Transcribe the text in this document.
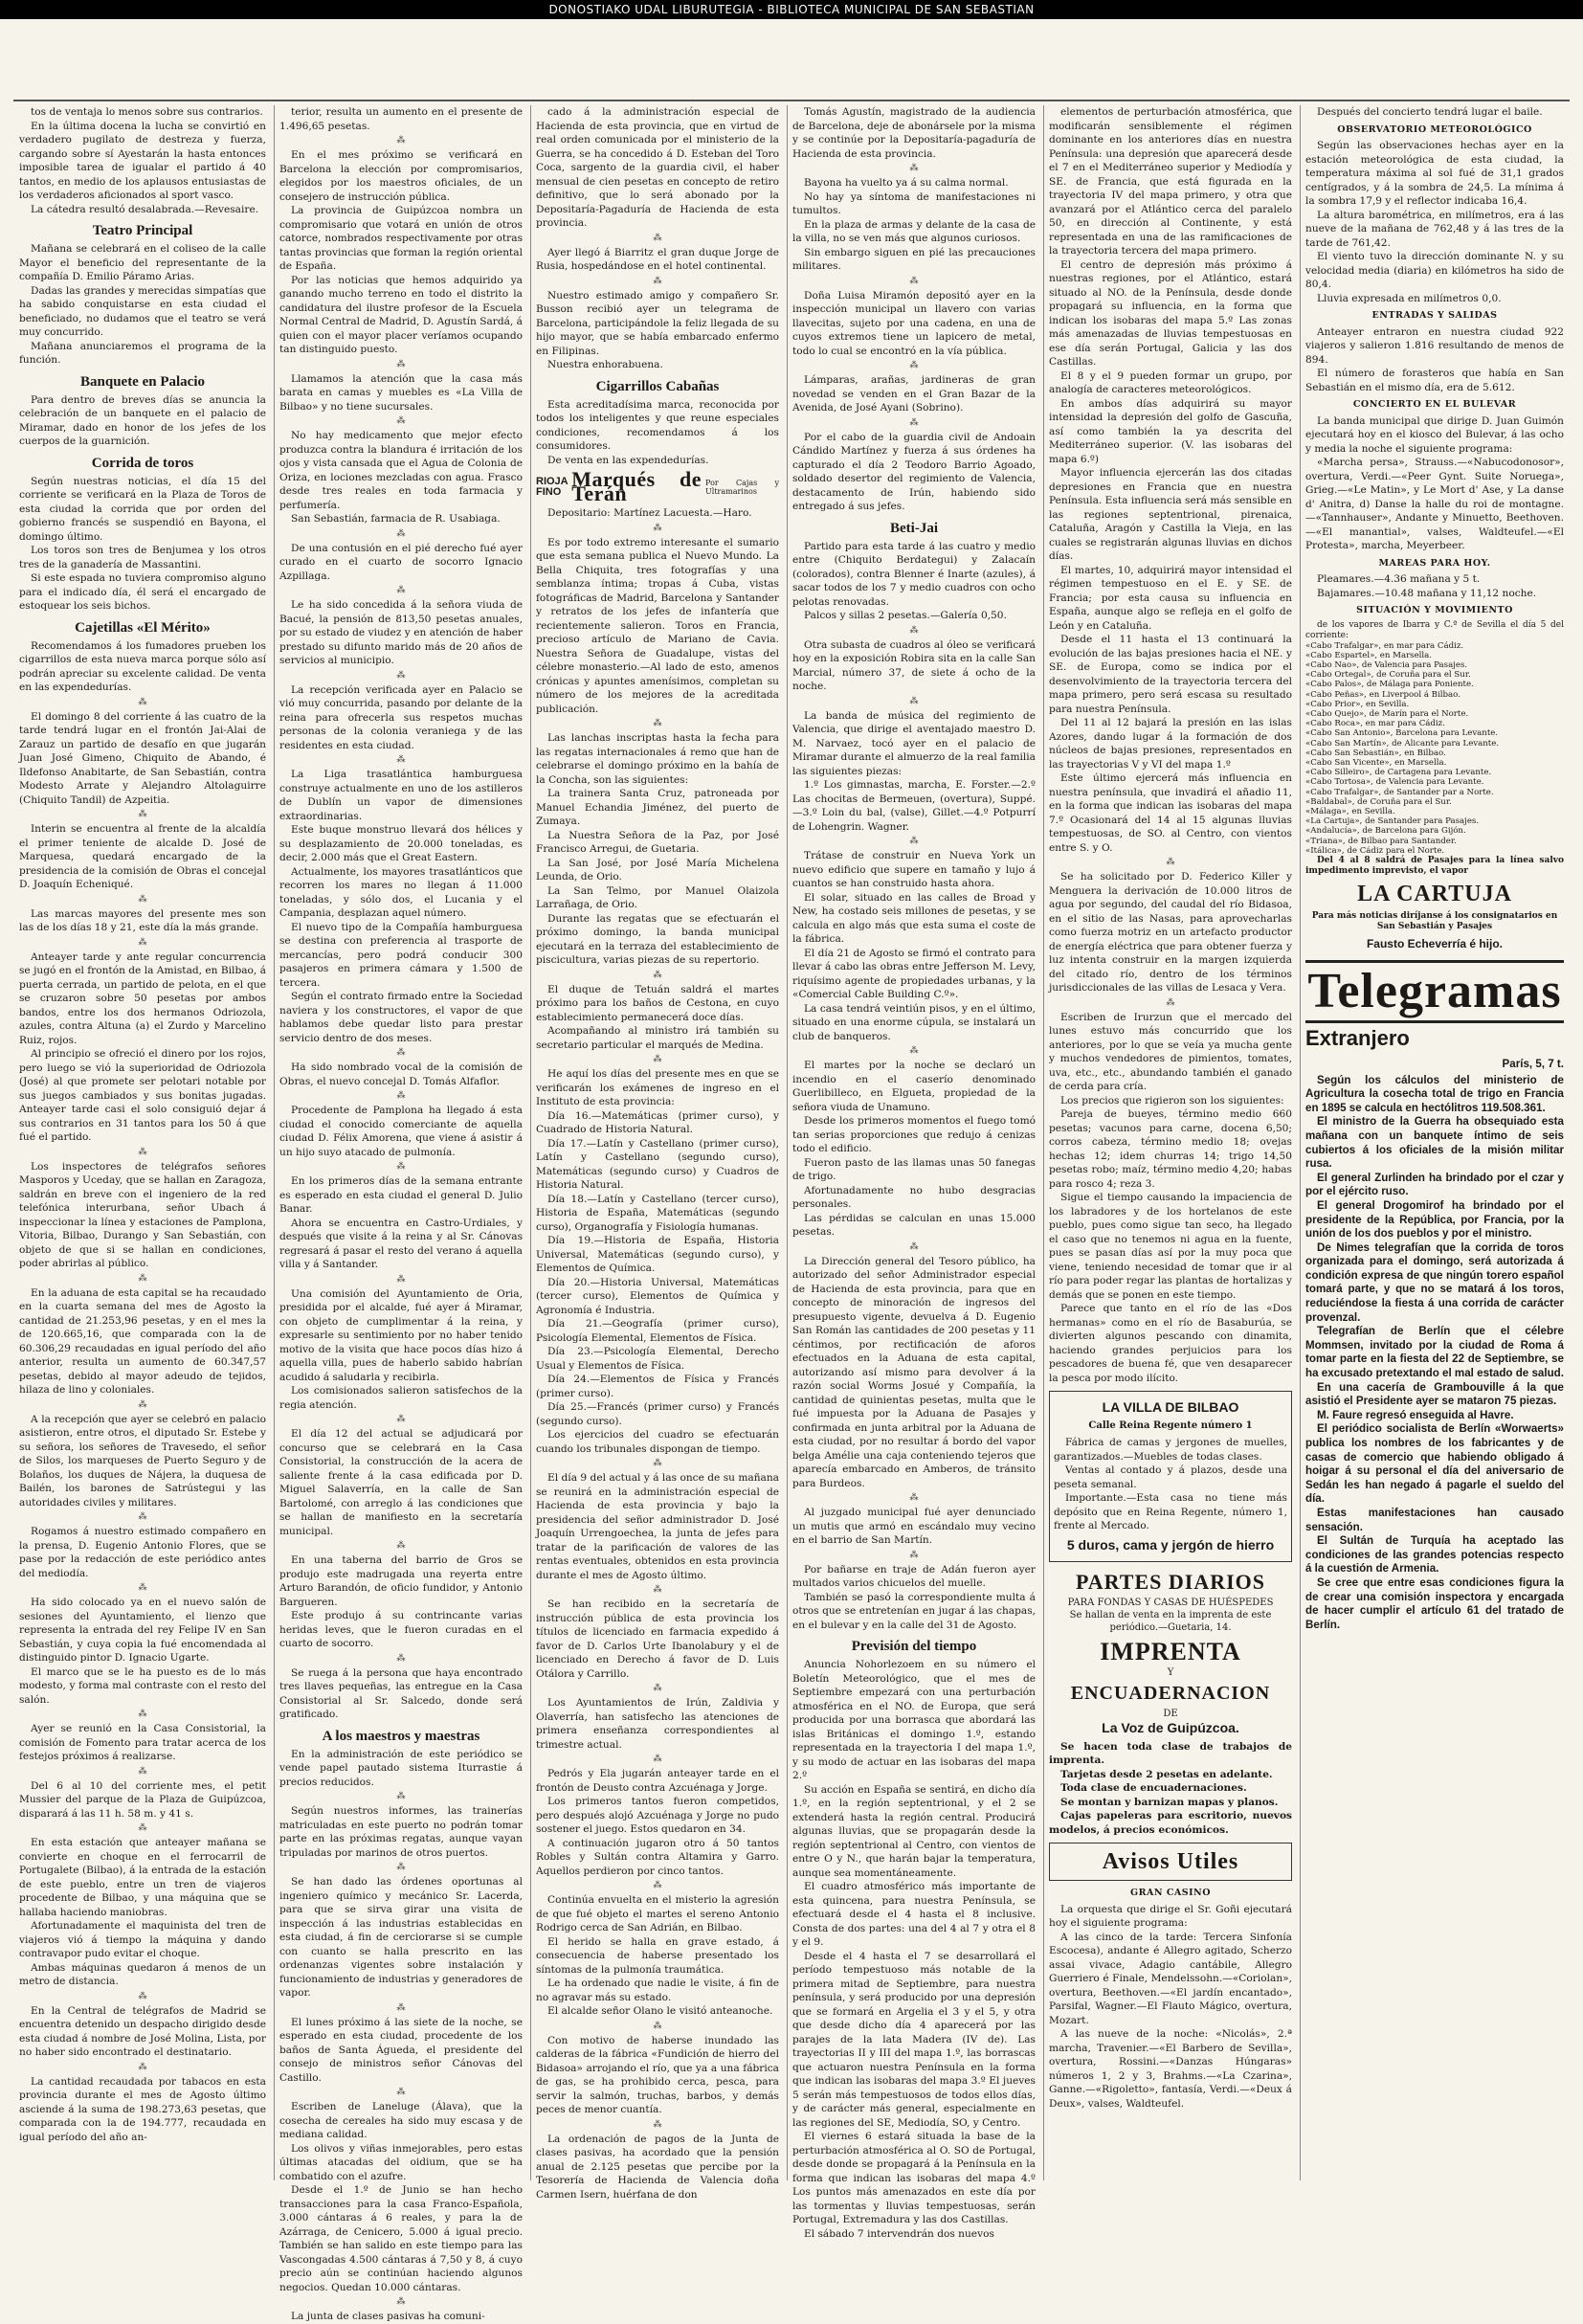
DONOSTIAKO UDAL LIBURUTEGIA - BIBLIOTECA MUNICIPAL DE SAN SEBASTIAN

tos de ventaja lo menos sobre sus contrarios.

En la última docena la lucha se convirtió en verdadero pugilato de destreza y fuerza, cargando sobre sí Ayestarán la hasta entonces imposible tarea de igualar el partido á 40 tantos, en medio de los aplausos entusiastas de los verdaderos aficionados al sport vasco.

La cátedra resultó desalabrada.—Revesaire.

Teatro Principal

Mañana se celebrará en el coliseo de la calle Mayor el beneficio del representante de la compañía D. Emilio Páramo Arias.

Dadas las grandes y merecidas simpatías que ha sabido conquistarse en esta ciudad el beneficiado, no dudamos que el teatro se verá muy concurrido.

Mañana anunciaremos el programa de la función.

Banquete en Palacio

Para dentro de breves días se anuncia la celebración de un banquete en el palacio de Miramar, dado en honor de los jefes de los cuerpos de la guarnición.

Corrida de toros

Según nuestras noticias, el día 15 del corriente se verificará en la Plaza de Toros de esta ciudad la corrida que por orden del gobierno francés se suspendió en Bayona, el domingo último.

Los toros son tres de Benjumea y los otros tres de la ganadería de Massantini.

Si este espada no tuviera compromiso alguno para el indicado día, él será el encargado de estoquear los seis bichos.

Cajetillas «El Mérito»

Recomendamos á los fumadores prueben los cigarrillos de esta nueva marca porque sólo así podrán apreciar su excelente calidad. De venta en las expendedurías.

⁂

El domingo 8 del corriente á las cuatro de la tarde tendrá lugar en el frontón Jai-Alai de Zarauz un partido de desafío en que jugarán Juan José Gimeno, Chiquito de Abando, é Ildefonso Anabitarte, de San Sebastián, contra Modesto Arrate y Alejandro Altolaguirre (Chiquito Tandil) de Azpeitia.

⁂

Interin se encuentra al frente de la alcaldía el primer teniente de alcalde D. José de Marquesa, quedará encargado de la presidencia de la comisión de Obras el concejal D. Joaquín Echeniqué.

⁂

Las marcas mayores del presente mes son las de los días 18 y 21, este día la más grande.

⁂

Anteayer tarde y ante regular concurrencia se jugó en el frontón de la Amistad, en Bilbao, á puerta cerrada, un partido de pelota, en el que se cruzaron sobre 50 pesetas por ambos bandos, entre los dos hermanos Odriozola, azules, contra Altuna (a) el Zurdo y Marcelino Ruiz, rojos.

Al principio se ofreció el dinero por los rojos, pero luego se vió la superioridad de Odriozola (José) al que promete ser pelotari notable por sus juegos cambiados y sus bonitas jugadas. Anteayer tarde casi el solo consiguió dejar á sus contrarios en 31 tantos para los 50 á que fué el partido.

⁂

Los inspectores de telégrafos señores Masporos y Uceday, que se hallan en Zaragoza, saldrán en breve con el ingeniero de la red telefónica interurbana, señor Ubach á inspeccionar la línea y estaciones de Pamplona, Vitoria, Bilbao, Durango y San Sebastián, con objeto de que si se hallan en condiciones, poder abrirlas al público.

⁂

En la aduana de esta capital se ha recaudado en la cuarta semana del mes de Agosto la cantidad de 21.253,96 pesetas, y en el mes la de 120.665,16, que comparada con la de 60.306,29 recaudadas en igual período del año anterior, resulta un aumento de 60.347,57 pesetas, debido al mayor adeudo de tejidos, hilaza de lino y coloniales.

⁂

A la recepción que ayer se celebró en palacio asistieron, entre otros, el diputado Sr. Estebe y su señora, los señores de Travesedo, el señor de Silos, los marqueses de Puerto Seguro y de Bolaños, los duques de Nájera, la duquesa de Bailén, los barones de Satrústegui y las autoridades civiles y militares.

⁂

Rogamos á nuestro estimado compañero en la prensa, D. Eugenio Antonio Flores, que se pase por la redacción de este periódico antes del mediodía.

⁂

Ha sido colocado ya en el nuevo salón de sesiones del Ayuntamiento, el lienzo que representa la entrada del rey Felipe IV en San Sebastián, y cuya copia la fué encomendada al distinguido pintor D. Ignacio Ugarte.

El marco que se le ha puesto es de lo más modesto, y forma mal contraste con el resto del salón.

⁂

Ayer se reunió en la Casa Consistorial, la comisión de Fomento para tratar acerca de los festejos próximos á realizarse.

⁂

Del 6 al 10 del corriente mes, el petit Mussier del parque de la Plaza de Guipúzcoa, disparará á las 11 h. 58 m. y 41 s.

⁂

En esta estación que anteayer mañana se convierte en choque en el ferrocarril de Portugalete (Bilbao), á la entrada de la estación de este pueblo, entre un tren de viajeros procedente de Bilbao, y una máquina que se hallaba haciendo maniobras.

Afortunadamente el maquinista del tren de viajeros vió á tiempo la máquina y dando contravapor pudo evitar el choque.

Ambas máquinas quedaron á menos de un metro de distancia.

⁂

En la Central de telégrafos de Madrid se encuentra detenido un despacho dirigido desde esta ciudad á nombre de José Molina, Lista, por no haber sido encontrado el destinatario.

⁂

La cantidad recaudada por tabacos en esta provincia durante el mes de Agosto último asciende á la suma de 198.273,63 pesetas, que comparada con la de 194.777, recaudada en igual período del año an-

terior, resulta un aumento en el presente de 1.496,65 pesetas.

⁂

En el mes próximo se verificará en Barcelona la elección por compromisarios, elegidos por los maestros oficiales, de un consejero de instrucción pública.

La provincia de Guipúzcoa nombra un compromisario que votará en unión de otros catorce, nombrados respectivamente por otras tantas provincias que forman la región oriental de España.

Por las noticias que hemos adquirido ya ganando mucho terreno en todo el distrito la candidatura del ilustre profesor de la Escuela Normal Central de Madrid, D. Agustín Sardá, á quien con el mayor placer veríamos ocupando tan distinguido puesto.

⁂

Llamamos la atención que la casa más barata en camas y muebles es «La Villa de Bilbao» y no tiene sucursales.

⁂

No hay medicamento que mejor efecto produzca contra la blandura é irritación de los ojos y vista cansada que el Agua de Colonia de Oriza, en lociones mezcladas con agua. Frasco desde tres reales en toda farmacia y perfumería.

San Sebastián, farmacia de R. Usabiaga.

⁂

De una contusión en el pié derecho fué ayer curado en el cuarto de socorro Ignacio Azpillaga.

⁂

Le ha sido concedida á la señora viuda de Bacué, la pensión de 813,50 pesetas anuales, por su estado de viudez y en atención de haber prestado su difunto marido más de 20 años de servicios al municipio.

⁂

La recepción verificada ayer en Palacio se vió muy concurrida, pasando por delante de la reina para ofrecerla sus respetos muchas personas de la colonia veraniega y de las residentes en esta ciudad.

⁂

La Liga trasatlántica hamburguesa construye actualmente en uno de los astilleros de Dublín un vapor de dimensiones extraordinarias.

Este buque monstruo llevará dos hélices y su desplazamiento de 20.000 toneladas, es decir, 2.000 más que el Great Eastern.

Actualmente, los mayores trasatlánticos que recorren los mares no llegan á 11.000 toneladas, y sólo dos, el Lucania y el Campania, desplazan aquel número.

El nuevo tipo de la Compañía hamburguesa se destina con preferencia al trasporte de mercancías, pero podrá conducir 300 pasajeros en primera cámara y 1.500 de tercera.

Según el contrato firmado entre la Sociedad naviera y los constructores, el vapor de que hablamos debe quedar listo para prestar servicio dentro de dos meses.

⁂

Ha sido nombrado vocal de la comisión de Obras, el nuevo concejal D. Tomás Alfaflor.

⁂

Procedente de Pamplona ha llegado á esta ciudad el conocido comerciante de aquella ciudad D. Félix Amorena, que viene á asistir á un hijo suyo atacado de pulmonía.

⁂

En los primeros días de la semana entrante es esperado en esta ciudad el general D. Julio Banar.

Ahora se encuentra en Castro-Urdiales, y después que visite á la reina y al Sr. Cánovas regresará á pasar el resto del verano á aquella villa y á Santander.

⁂

Una comisión del Ayuntamiento de Oria, presidida por el alcalde, fué ayer á Miramar, con objeto de cumplimentar á la reina, y expresarle su sentimiento por no haber tenido motivo de la visita que hace pocos días hizo á aquella villa, pues de haberlo sabido habrían acudido á saludarla y recibirla.

Los comisionados salieron satisfechos de la regia atención.

⁂

El día 12 del actual se adjudicará por concurso que se celebrará en la Casa Consistorial, la construcción de la acera de saliente frente á la casa edificada por D. Miguel Salaverría, en la calle de San Bartolomé, con arreglo á las condiciones que se hallan de manifiesto en la secretaría municipal.

⁂

En una taberna del barrio de Gros se produjo este madrugada una reyerta entre Arturo Barandón, de oficio fundidor, y Antonio Bargueren.

Este produjo á su contrincante varias heridas leves, que le fueron curadas en el cuarto de socorro.

⁂

Se ruega á la persona que haya encontrado tres llaves pequeñas, las entregue en la Casa Consistorial al Sr. Salcedo, donde será gratificado.

A los maestros y maestras

En la administración de este periódico se vende papel pautado sistema Iturrastie á precios reducidos.

⁂

Según nuestros informes, las trainerías matriculadas en este puerto no podrán tomar parte en las próximas regatas, aunque vayan tripuladas por marinos de otros puertos.

⁂

Se han dado las órdenes oportunas al ingeniero químico y mecánico Sr. Lacerda, para que se sirva girar una visita de inspección á las industrias establecidas en esta ciudad, á fin de cerciorarse si se cumple con cuanto se halla prescrito en las ordenanzas vigentes sobre instalación y funcionamiento de industrias y generadores de vapor.

⁂

El lunes próximo á las siete de la noche, se esperado en esta ciudad, procedente de los baños de Santa Águeda, el presidente del consejo de ministros señor Cánovas del Castillo.

⁂

Escriben de Laneluge (Álava), que la cosecha de cereales ha sido muy escasa y de mediana calidad.

Los olivos y viñas inmejorables, pero estas últimas atacadas del oidium, que se ha combatido con el azufre.

Desde el 1.º de Junio se han hecho transacciones para la casa Franco-Española, 3.000 cántaras á 6 reales, y para la de Azárraga, de Cenicero, 5.000 á igual precio. También se han salido en este tiempo para las Vascongadas 4.500 cántaras á 7,50 y 8, á cuyo precio aún se continúan haciendo algunos negocios. Quedan 10.000 cántaras.

⁂

La junta de clases pasivas ha comuni-

cado á la administración especial de Hacienda de esta provincia, que en virtud de real orden comunicada por el ministerio de la Guerra, se ha concedido á D. Esteban del Toro Coca, sargento de la guardia civil, el haber mensual de cien pesetas en concepto de retiro definitivo, que lo será abonado por la Depositaría-Pagaduría de Hacienda de esta provincia.

⁂

Ayer llegó á Biarritz el gran duque Jorge de Rusia, hospedándose en el hotel continental.

⁂

Nuestro estimado amigo y compañero Sr. Busson recibió ayer un telegrama de Barcelona, participándole la feliz llegada de su hijo mayor, que se había embarcado enfermo en Filipinas.

Nuestra enhorabuena.

Cigarrillos Cabañas

Esta acreditadísima marca, reconocida por todos los inteligentes y que reune especiales condiciones, recomendamos á los consumidores.

De venta en las expendedurías.

RIOJA FINO
Marqués de Terán	Por Cajas y Ultramarinos

Depositario: Martínez Lacuesta.—Haro.

⁂

Es por todo extremo interesante el sumario que esta semana publica el Nuevo Mundo. La Bella Chiquita, tres fotografías y una semblanza íntima; tropas á Cuba, vistas fotográficas de Madrid, Barcelona y Santander y retratos de los jefes de infantería que recientemente salieron. Toros en Francia, precioso artículo de Mariano de Cavia. Nuestra Señora de Guadalupe, vistas del célebre monasterio.—Al lado de esto, amenos crónicas y apuntes amenísimos, completan su número de los mejores de la acreditada publicación.

⁂

Las lanchas inscriptas hasta la fecha para las regatas internacionales á remo que han de celebrarse el domingo próximo en la bahía de la Concha, son las siguientes:

La trainera Santa Cruz, patroneada por Manuel Echandia Jiménez, del puerto de Zumaya.

La Nuestra Señora de la Paz, por José Francisco Arregui, de Guetaria.

La San José, por José María Michelena Leunda, de Orio.

La San Telmo, por Manuel Olaizola Larrañaga, de Orio.

Durante las regatas que se efectuarán el próximo domingo, la banda municipal ejecutará en la terraza del establecimiento de piscicultura, varias piezas de su repertorio.

⁂

El duque de Tetuán saldrá el martes próximo para los baños de Cestona, en cuyo establecimiento permanecerá doce días.

Acompañando al ministro irá también su secretario particular el marqués de Medina.

⁂

He aquí los días del presente mes en que se verificarán los exámenes de ingreso en el Instituto de esta provincia:

Día 16.—Matemáticas (primer curso), y Cuadrado de Historia Natural.

Día 17.—Latín y Castellano (primer curso), Latín y Castellano (segundo curso), Matemáticas (segundo curso) y Cuadros de Historia Natural.

Día 18.—Latín y Castellano (tercer curso), Historia de España, Matemáticas (segundo curso), Organografía y Fisiología humanas.

Día 19.—Historia de España, Historia Universal, Matemáticas (segundo curso), y Elementos de Química.

Día 20.—Historia Universal, Matemáticas (tercer curso), Elementos de Química y Agronomía é Industria.

Día 21.—Geografía (primer curso), Psicología Elemental, Elementos de Física.

Día 23.—Psicología Elemental, Derecho Usual y Elementos de Física.

Día 24.—Elementos de Física y Francés (primer curso).

Día 25.—Francés (primer curso) y Francés (segundo curso).

Los ejercicios del cuadro se efectuarán cuando los tribunales dispongan de tiempo.

⁂

El día 9 del actual y á las once de su mañana se reunirá en la administración especial de Hacienda de esta provincia y bajo la presidencia del señor administrador D. José Joaquín Urrengoechea, la junta de jefes para tratar de la parificación de valores de las rentas eventuales, obtenidos en esta provincia durante el mes de Agosto último.

⁂

Se han recibido en la secretaría de instrucción pública de esta provincia los títulos de licenciado en farmacia expedido á favor de D. Carlos Urte Ibanolabury y el de licenciado en Derecho á favor de D. Luis Otálora y Carrillo.

⁂

Los Ayuntamientos de Irún, Zaldivia y Olaverría, han satisfecho las atenciones de primera enseñanza correspondientes al trimestre actual.

⁂

Pedrós y Ela jugarán anteayer tarde en el frontón de Deusto contra Azcuénaga y Jorge.

Los primeros tantos fueron competidos, pero después alojó Azcuénaga y Jorge no pudo sostener el juego. Estos quedaron en 34.

A continuación jugaron otro á 50 tantos Robles y Sultán contra Altamira y Garro. Aquellos perdieron por cinco tantos.

⁂

Continúa envuelta en el misterio la agresión de que fué objeto el martes el sereno Antonio Rodrigo cerca de San Adrián, en Bilbao.

El herido se halla en grave estado, á consecuencia de haberse presentado los síntomas de la pulmonía traumática.

Le ha ordenado que nadie le visite, á fin de no agravar más su estado.

El alcalde señor Olano le visitó anteanoche.

⁂

Con motivo de haberse inundado las calderas de la fábrica «Fundición de hierro del Bidasoa» arrojando el río, que ya a una fábrica de gas, se ha prohibido cerca, pesca, para servir la salmón, truchas, barbos, y demás peces de menor cuantía.

⁂

La ordenación de pagos de la Junta de clases pasivas, ha acordado que la pensión anual de 2.125 pesetas que percibe por la Tesorería de Hacienda de Valencia doña Carmen Isern, huérfana de don

Tomás Agustín, magistrado de la audiencia de Barcelona, deje de abonársele por la misma y se continúe por la Depositaría-pagaduría de Hacienda de esta provincia.

⁂

Bayona ha vuelto ya á su calma normal.

No hay ya síntoma de manifestaciones ni tumultos.

En la plaza de armas y delante de la casa de la villa, no se ven más que algunos curiosos.

Sin embargo siguen en pié las precauciones militares.

⁂

Doña Luisa Miramón depositó ayer en la inspección municipal un llavero con varias llavecitas, sujeto por una cadena, en una de cuyos extremos tiene un lapicero de metal, todo lo cual se encontró en la vía pública.

⁂

Lámparas, arañas, jardineras de gran novedad se venden en el Gran Bazar de la Avenida, de José Ayani (Sobrino).

⁂

Por el cabo de la guardia civil de Andoain Cándido Martínez y fuerza á sus órdenes ha capturado el día 2 Teodoro Barrio Agoado, soldado desertor del regimiento de Valencia, destacamento de Irún, habiendo sido entregado á sus jefes.

Beti-Jai

Partido para esta tarde á las cuatro y medio entre (Chiquito Berdategui) y Zalacaín (colorados), contra Blenner é Inarte (azules), á sacar todos de los 7 y medio cuadros con ocho pelotas renovadas.

Palcos y sillas 2 pesetas.—Galería 0,50.

⁂

Otra subasta de cuadros al óleo se verificará hoy en la exposición Robira sita en la calle San Marcial, número 37, de siete á ocho de la noche.

⁂

La banda de música del regimiento de Valencia, que dirige el aventajado maestro D. M. Narvaez, tocó ayer en el palacio de Miramar durante el almuerzo de la real familia las siguientes piezas:

1.º Los gimnastas, marcha, E. Forster.—2.º Las chocitas de Bermeuen, (overtura), Suppé.—3.º Loin du bal, (valse), Gillet.—4.º Potpurrí de Lohengrin. Wagner.

⁂

Trátase de construir en Nueva York un nuevo edificio que supere en tamaño y lujo á cuantos se han construido hasta ahora.

El solar, situado en las calles de Broad y New, ha costado seis millones de pesetas, y se calcula en algo más que esta suma el coste de la fábrica.

El día 21 de Agosto se firmó el contrato para llevar á cabo las obras entre Jefferson M. Levy, riquísimo agente de propiedades urbanas, y la «Comercial Cable Building C.º».

La casa tendrá veintiún pisos, y en el último, situado en una enorme cúpula, se instalará un club de banqueros.

⁂

El martes por la noche se declaró un incendio en el caserío denominado Guerlibilleco, en Elgueta, propiedad de la señora viuda de Unamuno.

Desde los primeros momentos el fuego tomó tan serias proporciones que redujo á cenizas todo el edificio.

Fueron pasto de las llamas unas 50 fanegas de trigo.

Afortunadamente no hubo desgracias personales.

Las pérdidas se calculan en unas 15.000 pesetas.

⁂

La Dirección general del Tesoro público, ha autorizado del señor Administrador especial de Hacienda de esta provincia, para que en concepto de minoración de ingresos del presupuesto vigente, devuelva á D. Eugenio San Román las cantidades de 200 pesetas y 11 céntimos, por rectificación de aforos efectuados en la Aduana de esta capital, autorizando así mismo para devolver á la razón social Worms Josué y Compañía, la cantidad de quinientas pesetas, multa que le fué impuesta por la Aduana de Pasajes y confirmada en junta arbitral por la Aduana de esta ciudad, por no resultar á bordo del vapor belga Amélie una caja conteniendo tejeros que aparecía embarcado en Amberos, de tránsito para Burdeos.

⁂

Al juzgado municipal fué ayer denunciado un mutis que armó en escándalo muy vecino en el barrio de San Martín.

⁂

Por bañarse en traje de Adán fueron ayer multados varios chicuelos del muelle.

También se pasó la correspondiente multa á otros que se entretenían en jugar á las chapas, en el bulevar y en la calle del 31 de Agosto.

Previsión del tiempo

Anuncia Nohorlezoem en su número el Boletín Meteorológico, que el mes de Septiembre empezará con una perturbación atmosférica en el NO. de Europa, que será producida por una borrasca que abordará las islas Británicas el domingo 1.º, estando representada en la trayectoria I del mapa 1.º, y su modo de actuar en las isobaras del mapa 2.º

Su acción en España se sentirá, en dicho día 1.º, en la región septentrional, y el 2 se extenderá hasta la región central. Producirá algunas lluvias, que se propagarán desde la región septentrional al Centro, con vientos de entre O y N., que harán bajar la temperatura, aunque sea momentáneamente.

El cuadro atmosférico más importante de esta quincena, para nuestra Península, se efectuará desde el 4 hasta el 8 inclusive. Consta de dos partes: una del 4 al 7 y otra el 8 y el 9.

Desde el 4 hasta el 7 se desarrollará el período tempestuoso más notable de la primera mitad de Septiembre, para nuestra península, y será producido por una depresión que se formará en Argelia el 3 y el 5, y otra que desde dicho día 4 aparecerá por las parajes de la lata Madera (IV de). Las trayectorias II y III del mapa 1.º, las borrascas que actuaron nuestra Península en la forma que indican las isobaras del mapa 3.º El jueves 5 serán más tempestuosos de todos ellos días, y de carácter más general, especialmente en las regiones del SE, Mediodía, SO, y Centro.

El viernes 6 estará situada la base de la perturbación atmosférica al O. SO de Portugal, desde donde se propagará á la Península en la forma que indican las isobaras del mapa 4.º Los puntos más amenazados en este día por las tormentas y lluvias tempestuosas, serán Portugal, Extremadura y las dos Castillas.

El sábado 7 intervendrán dos nuevos

elementos de perturbación atmosférica, que modificarán sensiblemente el régimen dominante en los anteriores días en nuestra Península: una depresión que aparecerá desde el 7 en el Mediterráneo superior y Mediodía y SE. de Francia, que está figurada en la trayectoria IV del mapa primero, y otra que avanzará por el Atlántico cerca del paralelo 50, en dirección al Continente, y está representada en una de las ramificaciones de la trayectoria tercera del mapa primero.

El centro de depresión más próximo á nuestras regiones, por el Atlántico, estará situado al NO. de la Península, desde donde propagará su influencia, en la forma que indican los isobaras del mapa 5.º Las zonas más amenazadas de lluvias tempestuosas en ese día serán Portugal, Galicia y las dos Castillas.

El 8 y el 9 pueden formar un grupo, por analogía de caracteres meteorológicos.

En ambos días adquirirá su mayor intensidad la depresión del golfo de Gascuña, así como también la ya descrita del Mediterráneo superior. (V. las isobaras del mapa 6.º)

Mayor influencia ejercerán las dos citadas depresiones en Francia que en nuestra Península. Esta influencia será más sensible en las regiones septentrional, pirenaica, Cataluña, Aragón y Castilla la Vieja, en las cuales se registrarán algunas lluvias en dichos días.

El martes, 10, adquirirá mayor intensidad el régimen tempestuoso en el E. y SE. de Francia; por esta causa su influencia en España, aunque algo se refleja en el golfo de León y en Cataluña.

Desde el 11 hasta el 13 continuará la evolución de las bajas presiones hacia el NE. y SE. de Europa, como se indica por el desenvolvimiento de la trayectoria tercera del mapa primero, pero será escasa su resultado para nuestra Península.

Del 11 al 12 bajará la presión en las islas Azores, dando lugar á la formación de dos núcleos de bajas presiones, representados en las trayectorias V y VI del mapa 1.º

Este último ejercerá más influencia en nuestra península, que invadirá el añadio 11, en la forma que indican las isobaras del mapa 7.º Ocasionará del 14 al 15 algunas lluvias tempestuosas, de SO. al Centro, con vientos entre S. y O.

⁂

Se ha solicitado por D. Federico Killer y Menguera la derivación de 10.000 litros de agua por segundo, del caudal del río Bidasoa, en el sitio de las Nasas, para aprovecharlas como fuerza motriz en un artefacto productor de energía eléctrica que para obtener fuerza y luz intenta construir en la margen izquierda del citado río, dentro de los términos jurisdiccionales de las villas de Lesaca y Vera.

⁂

Escriben de Irurzun que el mercado del lunes estuvo más concurrido que los anteriores, por lo que se veía ya mucha gente y muchos vendedores de pimientos, tomates, uva, etc., etc., abundando también el ganado de cerda para cría.

Los precios que rigieron son los siguientes:

Pareja de bueyes, término medio 660 pesetas; vacunos para carne, docena 6,50; corros cabeza, término medio 18; ovejas hechas 12; idem churras 14; trigo 14,50 pesetas robo; maíz, término medio 4,20; habas para rosco 4; reza 3.

Sigue el tiempo causando la impaciencia de los labradores y de los hortelanos de este pueblo, pues como sigue tan seco, ha llegado el caso que no tenemos ni agua en la fuente, pues se pasan días así por la muy poca que viene, teniendo necesidad de tomar que ir al río para poder regar las plantas de hortalizas y demás que se ponen en este tiempo.

Parece que tanto en el río de las «Dos hermanas» como en el río de Basaburúa, se divierten algunos pescando con dinamita, haciendo grandes perjuicios para los pescadores de buena fé, que ven desaparecer la pesca por modo ilícito.

LA VILLA DE BILBAO
Calle Reina Regente número 1

Fábrica de camas y jergones de muelles, garantizados.—Muebles de todas clases.

Ventas al contado y á plazos, desde una peseta semanal.

Importante.—Esta casa no tiene más depósito que en Reina Regente, número 1, frente al Mercado.

5 duros, cama y jergón de hierro
PARTES DIARIOS
PARA FONDAS Y CASAS DE HUÉSPEDES
Se hallan de venta en la imprenta de este periódico.—Guetaria, 14.
IMPRENTA
Y
ENCUADERNACION
DE
La Voz de Guipúzcoa.

Se hacen toda clase de trabajos de imprenta.

Tarjetas desde 2 pesetas en adelante.

Toda clase de encuadernaciones.

Se montan y barnizan mapas y planos.

Cajas papeleras para escritorio, nuevos modelos, á precios económicos.

Avisos Utiles
GRAN CASINO

La orquesta que dirige el Sr. Goñi ejecutará hoy el siguiente programa:

A las cinco de la tarde: Tercera Sinfonía Escocesa), andante é Allegro agitado, Scherzo assai vivace, Adagio cantábile, Allegro Guerriero é Finale, Mendelssohn.—«Coriolan», overtura, Beethoven.—«El jardín encantado», Parsifal, Wagner.—El Flauto Mágico, overtura, Mozart.

A las nueve de la noche: «Nicolás», 2.ª marcha, Travenier.—«El Barbero de Sevilla», overtura, Rossini.—«Danzas Húngaras» números 1, 2 y 3, Brahms.—«La Czarina», Ganne.—«Rigoletto», fantasía, Verdi.—«Deux á Deux», valses, Waldteufel.

Después del concierto tendrá lugar el baile.

OBSERVATORIO METEOROLÓGICO

Según las observaciones hechas ayer en la estación meteorológica de esta ciudad, la temperatura máxima al sol fué de 31,1 grados centígrados, y á la sombra de 24,5. La mínima á la sombra 17,9 y el reflector indicaba 16,4.

La altura barométrica, en milímetros, era á las nueve de la mañana de 762,48 y á las tres de la tarde de 761,42.

El viento tuvo la dirección dominante N. y su velocidad media (diaria) en kilómetros ha sido de 80,4.

Lluvia expresada en milímetros 0,0.

ENTRADAS Y SALIDAS

Anteayer entraron en nuestra ciudad 922 viajeros y salieron 1.816 resultando de menos de 894.

El número de forasteros que había en San Sebastián en el mismo día, era de 5.612.

CONCIERTO EN EL BULEVAR

La banda municipal que dirige D. Juan Guimón ejecutará hoy en el kiosco del Bulevar, á las ocho y media la noche el siguiente programa:

«Marcha persa», Strauss.—«Nabucodonosor», overtura, Verdi.—«Peer Gynt. Suite Noruega», Grieg.—«Le Matin», y Le Mort d' Ase, y La danse d' Anitra, d) Danse la halle du roi de montagne.—«Tannhauser», Andante y Minuetto, Beethoven.—«El manantial», valses, Waldteufel.—«El Protesta», marcha, Meyerbeer.

MAREAS PARA HOY.

Pleamares.—4.36 mañana y 5 t.

Bajamares.—10.48 mañana y 11,12 noche.

SITUACIÓN Y MOVIMIENTO

de los vapores de Ibarra y C.ª de Sevilla el día 5 del corriente:

«Cabo Trafalgar», en mar para Cádiz.
«Cabo Espartel», en Marsella.
«Cabo Nao», de Valencia para Pasajes.
«Cabo Ortegal», de Coruña para el Sur.
«Cabo Palos», de Málaga para Poniente.
«Cabo Peñas», en Liverpool á Bilbao.
«Cabo Prior», en Sevilla.
«Cabo Quejo», de Marín para el Norte.
«Cabo Roca», en mar para Cádiz.
«Cabo San Antonio», Barcelona para Levante.
«Cabo San Martín», de Alicante para Levante.
«Cabo San Sebastián», en Bilbao.
«Cabo San Vicente», en Marsella.
«Cabo Silleiro», de Cartagena para Levante.
«Cabo Tortosa», de Valencia para Levante.
«Cabo Trafalgar», de Santander par a Norte.
«Baldabal», de Coruña para el Sur.
«Málaga», en Sevilla.
«La Cartuja», de Santander para Pasajes.
«Andalucía», de Barcelona para Gijón.
«Triana», de Bilbao para Santander.
«Itálica», de Cádiz para el Norte.

Del 4 al 8 saldrá de Pasajes para la línea salvo impedimento imprevisto, el vapor

LA CARTUJA
Para más noticias diríjanse á los consignatarios en San Sebastián y Pasajes
Fausto Echeverría é hijo.
Telegramas
Extranjero

París, 5, 7 t.

Según los cálculos del ministerio de Agricultura la cosecha total de trigo en Francia en 1895 se calcula en hectólitros 119.508.361.

El ministro de la Guerra ha obsequiado esta mañana con un banquete íntimo de seis cubiertos á los oficiales de la misión militar rusa.

El general Zurlinden ha brindado por el czar y por el ejército ruso.

El general Drogomirof ha brindado por el presidente de la República, por Francia, por la unión de los dos pueblos y por el ministro.

De Nimes telegrafían que la corrida de toros organizada para el domingo, será autorizada á condición expresa de que ningún torero español tomará parte, y que no se matará á los toros, reduciéndose la fiesta á una corrida de carácter provenzal.

Telegrafían de Berlín que el célebre Mommsen, invitado por la ciudad de Roma á tomar parte en la fiesta del 22 de Septiembre, se ha excusado pretextando el mal estado de salud.

En una cacería de Grambouville á la que asistió el Presidente ayer se mataron 75 piezas.

M. Faure regresó enseguida al Havre.

El periódico socialista de Berlín «Worwaerts» publica los nombres de los fabricantes y de casas de comercio que habiendo obligado á hoigar á su personal el día del aniversario de Sedán les han negado á pagarle el sueldo del día.

Estas manifestaciones han causado sensación.

El Sultán de Turquía ha aceptado las condiciones de las grandes potencias respecto á la cuestión de Armenia.

Se cree que entre esas condiciones figura la de crear una comisión inspectora y encargada de hacer cumplir el artículo 61 del tratado de Berlín.
